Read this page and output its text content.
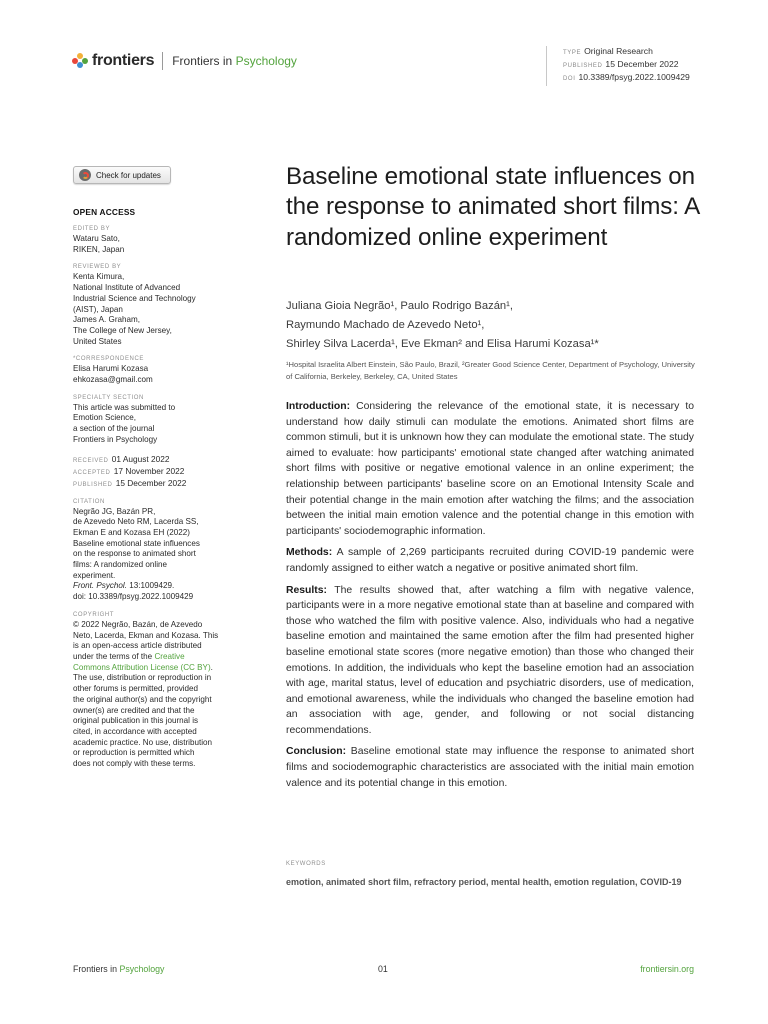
frontiers Frontiers in Psychology
TYPE Original Research
PUBLISHED 15 December 2022
DOI 10.3389/fpsyg.2022.1009429
Check for updates
OPEN ACCESS
EDITED BY
Wataru Sato,
RIKEN, Japan
REVIEWED BY
Kenta Kimura,
National Institute of Advanced
Industrial Science and Technology
(AIST), Japan
James A. Graham,
The College of New Jersey,
United States
*CORRESPONDENCE
Elisa Harumi Kozasa
ehkozasa@gmail.com
SPECIALTY SECTION
This article was submitted to
Emotion Science,
a section of the journal
Frontiers in Psychology
RECEIVED 01 August 2022
ACCEPTED 17 November 2022
PUBLISHED 15 December 2022
CITATION
Negrão JG, Bazán PR,
de Azevedo Neto RM, Lacerda SS,
Ekman E and Kozasa EH (2022)
Baseline emotional state influences
on the response to animated short
films: A randomized online
experiment.
Front. Psychol. 13:1009429.
doi: 10.3389/fpsyg.2022.1009429
COPYRIGHT
© 2022 Negrão, Bazán, de Azevedo
Neto, Lacerda, Ekman and Kozasa. This
is an open-access article distributed
under the terms of the Creative
Commons Attribution License (CC BY).
The use, distribution or reproduction in
other forums is permitted, provided
the original author(s) and the copyright
owner(s) are credited and that the
original publication in this journal is
cited, in accordance with accepted
academic practice. No use, distribution
or reproduction is permitted which
does not comply with these terms.
Baseline emotional state influences on the response to animated short films: A randomized online experiment
Juliana Gioia Negrão¹, Paulo Rodrigo Bazán¹,
Raymundo Machado de Azevedo Neto¹,
Shirley Silva Lacerda¹, Eve Ekman² and Elisa Harumi Kozasa¹*
¹Hospital Israelita Albert Einstein, São Paulo, Brazil, ²Greater Good Science Center, Department of Psychology, University of California, Berkeley, Berkeley, CA, United States

Introduction: Considering the relevance of the emotional state, it is necessary to understand how daily stimuli can modulate the emotions. Animated short films are common stimuli, but it is unknown how they can modulate the emotional state. The study aimed to evaluate: how participants' emotional state changed after watching animated short films with positive or negative emotional valence in an online experiment; the relationship between participants' baseline score on an Emotional Intensity Scale and their potential change in the main emotion after watching the films; and the association between the initial main emotion valence and the potential change in this emotion with participants' sociodemographic information.

Methods: A sample of 2,269 participants recruited during COVID-19 pandemic were randomly assigned to either watch a negative or positive animated short film.

Results: The results showed that, after watching a film with negative valence, participants were in a more negative emotional state than at baseline and compared with those who watched the film with positive valence. Also, individuals who had a negative baseline emotion and maintained the same emotion after the film had presented higher baseline emotional state scores (more negative emotion) than those who changed their emotions. In addition, the individuals who kept the baseline emotion had an association with age, marital status, level of education and psychiatric disorders, use of medication, and emotional awareness, while the individuals who changed the baseline emotion had an association with age, gender, and following or not social distancing recommendations.

Conclusion: Baseline emotional state may influence the response to animated short films and sociodemographic characteristics are associated with the initial main emotion valence and its potential change in this emotion.

KEYWORDS
emotion, animated short film, refractory period, mental health, emotion regulation, COVID-19
Frontiers in Psychology	01	frontiersin.org
